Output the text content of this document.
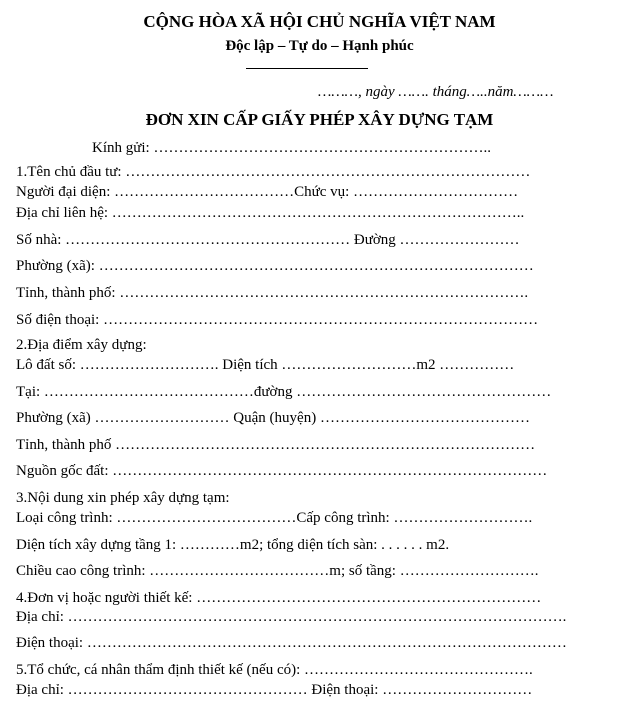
CỘNG HÒA XÃ HỘI CHỦ NGHĨA VIỆT NAM
Độc lập – Tự do – Hạnh phúc
………, ngày ……. tháng…..năm………
ĐƠN XIN CẤP GIẤY PHÉP XÂY DỰNG TẠM
Kính gửi: …………………………………………………………..
1.Tên chủ đầu tư: ………………………………………………………………………
Người đại diện: ………………………………Chức vụ: ……………………………
Địa chỉ liên hệ: ………………………………………………………………………..
Số nhà: ………………………………………………… Đường ……………………
Phường (xã): ……………………………………………………………………………
Tỉnh, thành phố: ……………………………………………………………………….
Số điện thoại: ……………………………………………………………………………
2.Địa điểm xây dựng:
Lô đất số: ………………………. Diện tích ………………………m2 ……………
Tại: ……………………………………đường ……………………………………………
Phường (xã) ……………………… Quận (huyện) ……………………………………
Tỉnh, thành phố …………………………………………………………………………
Nguồn gốc đất: ……………………………………………………………………………
3.Nội dung xin phép xây dựng tạm:
Loại công trình: ………………………………Cấp công trình: ……………………….
Diện tích xây dựng tầng 1: …………m2; tổng diện tích sàn: . . . . . . m2.
Chiều cao công trình: ………………………………m; số tầng: ……………………….
4.Đơn vị hoặc người thiết kế: ……………………………………………………………
Địa chỉ: ……………………………………………………………………………………….
Điện thoại: ……………………………………………………………………………………
5.Tổ chức, cá nhân thẩm định thiết kế (nếu có): ……………………………………….
Địa chỉ: ………………………………………… Điện thoại: …………………………
